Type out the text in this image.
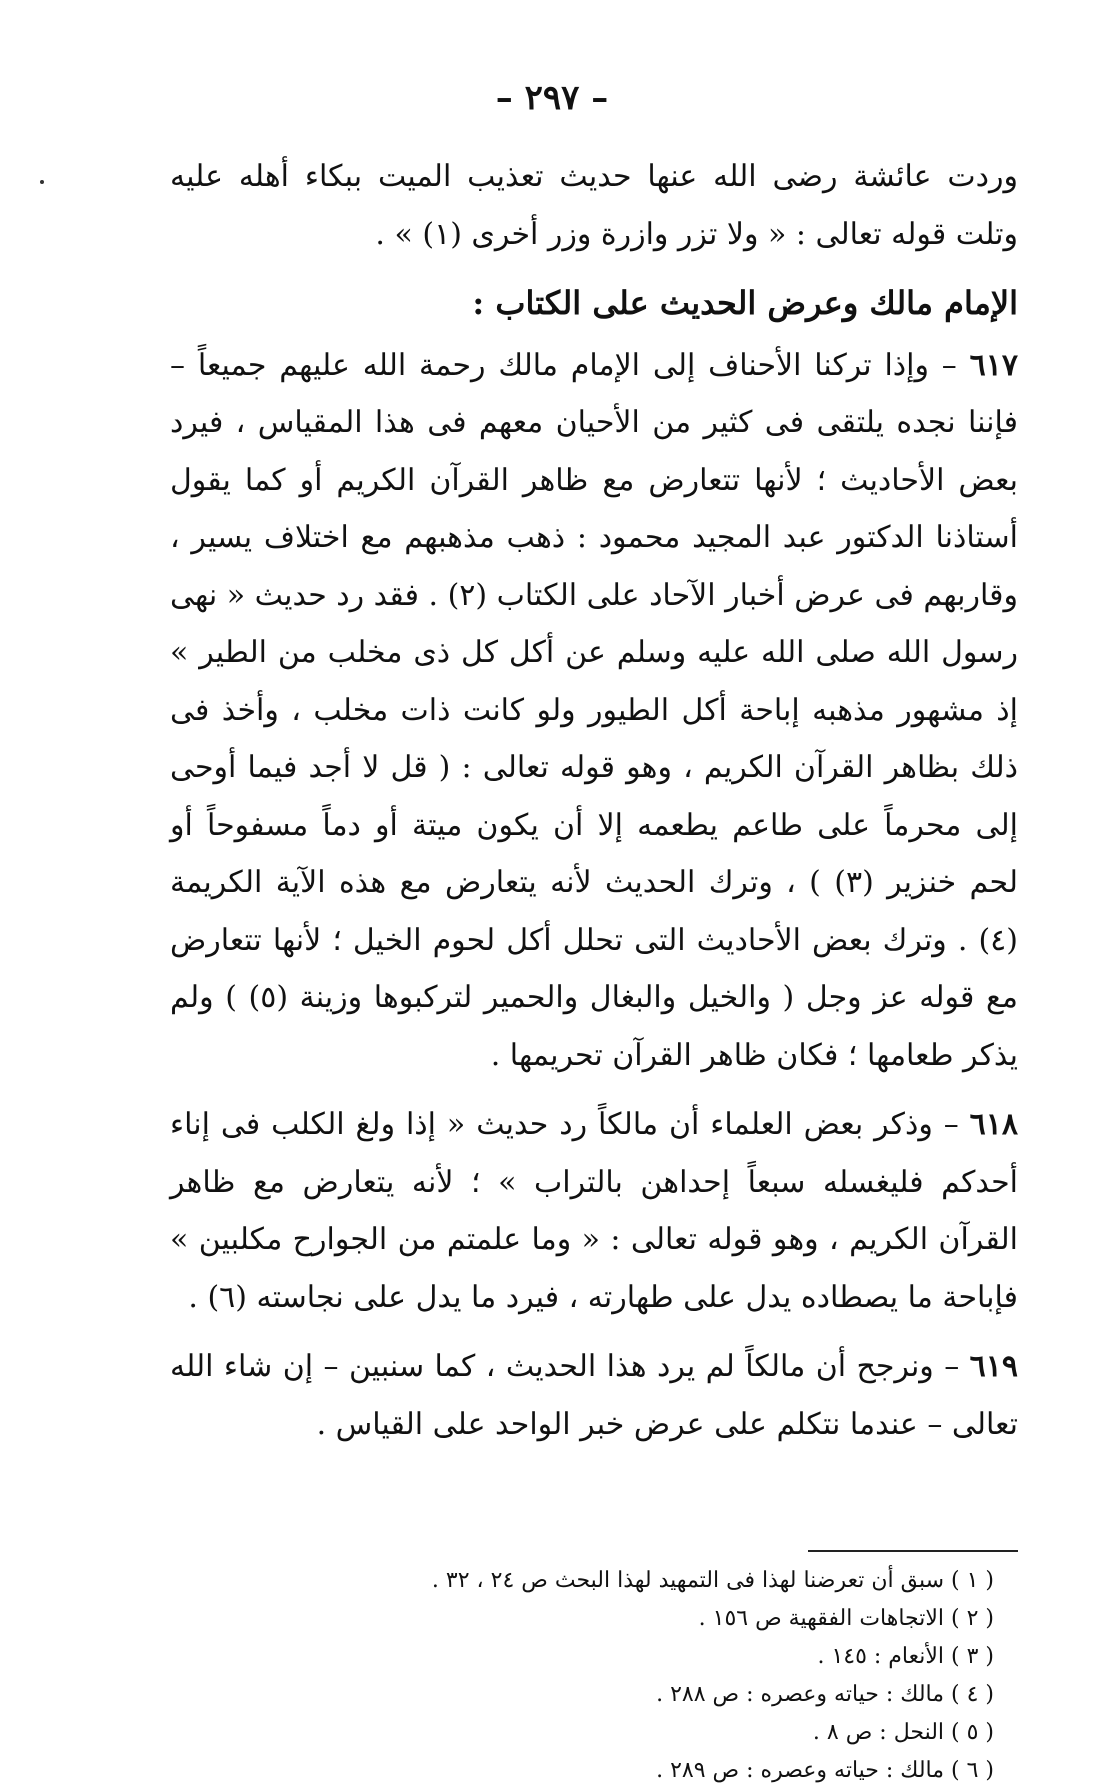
– ٢٩٧ –

وردت عائشة رضى الله عنها حديث تعذيب الميت ببكاء أهله عليه وتلت قوله تعالى : « ولا تزر وازرة وزر أخرى (١) » .

الإمام مالك وعرض الحديث على الكتاب :

٦١٧ – وإذا تركنا الأحناف إلى الإمام مالك رحمة الله عليهم جميعاً – فإننا نجده يلتقى فى كثير من الأحيان معهم فى هذا المقياس ، فيرد بعض الأحاديث ؛ لأنها تتعارض مع ظاهر القرآن الكريم أو كما يقول أستاذنا الدكتور عبد المجيد محمود : ذهب مذهبهم مع اختلاف يسير ، وقاربهم فى عرض أخبار الآحاد على الكتاب (٢) . فقد رد حديث « نهى رسول الله صلى الله عليه وسلم عن أكل كل ذى مخلب من الطير » إذ مشهور مذهبه إباحة أكل الطيور ولو كانت ذات مخلب ، وأخذ فى ذلك بظاهر القرآن الكريم ، وهو قوله تعالى : ( قل لا أجد فيما أوحى إلى محرماً على طاعم يطعمه إلا أن يكون ميتة أو دماً مسفوحاً أو لحم خنزير (٣) ) ، وترك الحديث لأنه يتعارض مع هذه الآية الكريمة (٤) . وترك بعض الأحاديث التى تحلل أكل لحوم الخيل ؛ لأنها تتعارض مع قوله عز وجل ( والخيل والبغال والحمير لتركبوها وزينة (٥) ) ولم يذكر طعامها ؛ فكان ظاهر القرآن تحريمها .

٦١٨ – وذكر بعض العلماء أن مالكاً رد حديث « إذا ولغ الكلب فى إناء أحدكم فليغسله سبعاً إحداهن بالتراب » ؛ لأنه يتعارض مع ظاهر القرآن الكريم ، وهو قوله تعالى : « وما علمتم من الجوارح مكلبين » فإباحة ما يصطاده يدل على طهارته ، فيرد ما يدل على نجاسته (٦) .

٦١٩ – ونرجح أن مالكاً لم يرد هذا الحديث ، كما سنبين – إن شاء الله تعالى – عندما نتكلم على عرض خبر الواحد على القياس .

( ١ ) سبق أن تعرضنا لهذا فى التمهيد لهذا البحث ص ٢٤ ، ٣٢ .
( ٢ ) الاتجاهات الفقهية ص ١٥٦ .
( ٣ ) الأنعام : ١٤٥ .
( ٤ ) مالك : حياته وعصره : ص ٢٨٨ .
( ٥ ) النحل : ص ٨ .
( ٦ ) مالك : حياته وعصره : ص ٢٨٩ .
